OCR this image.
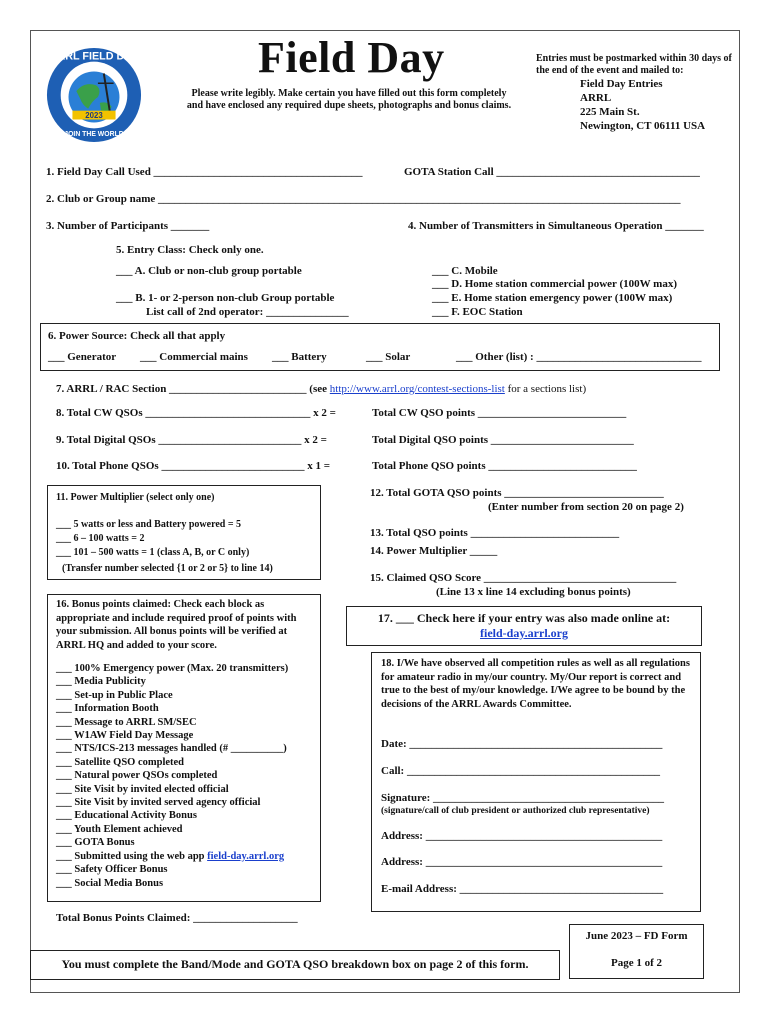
2023
ARRL FIELD DAY
JOIN THE WORLD
Field Day
Please write legibly. Make certain you have filled out this form completely and have enclosed any required dupe sheets, photographs and bonus claims.
Entries must be postmarked within 30 days of
the end of the event and mailed to:
Field Day Entries
ARRL
225 Main St.
Newington, CT 06111 USA
1. Field Day Call Used ______________________________________	GOTA Station Call _____________________________________
2. Club or Group name _______________________________________________________________________________________________
3. Number of Participants _______	4. Number of Transmitters in Simultaneous Operation _______
5. Entry Class: Check only one.
___ A. Club or non-club group portable
___ B. 1- or 2-person non-club Group portable
List call of 2nd operator: _______________
___ C. Mobile
___ D. Home station commercial power (100W max)
___ E. Home station emergency power (100W max)
___ F. EOC Station
6. Power Source: Check all that apply
___ Generator ___ Commercial mains ___ Battery	___ Solar	___ Other (list) : ______________________________
7. ARRL / RAC Section _________________________ (see http://www.arrl.org/contest-sections-list for a sections list)
8. Total CW QSOs ______________________________ x 2 =	Total CW QSO points ___________________________
9. Total Digital QSOs __________________________ x 2 =	Total Digital QSO points __________________________
10. Total Phone QSOs __________________________ x 1 =	Total Phone QSO points ___________________________
11. Power Multiplier (select only one)
___ 5 watts or less and Battery powered = 5
___ 6 – 100 watts = 2
___ 101 – 500 watts = 1 (class A, B, or C only)
(Transfer number selected {1 or 2 or 5} to line 14)
12. Total GOTA QSO points _____________________________
(Enter number from section 20 on page 2)
13. Total QSO points ___________________________
14. Power Multiplier _____
15. Claimed QSO Score ___________________________________
(Line 13 x line 14 excluding bonus points)
16. Bonus points claimed: Check each block as appropriate and include required proof of points with your submission. All bonus points will be verified at ARRL HQ and added to your score.
___ 100% Emergency power (Max. 20 transmitters)
___ Media Publicity
___ Set-up in Public Place
___ Information Booth
___ Message to ARRL SM/SEC
___ W1AW Field Day Message
___ NTS/ICS-213 messages handled (# __________)
___ Satellite QSO completed
___ Natural power QSOs completed
___ Site Visit by invited elected official
___ Site Visit by invited served agency official
___ Educational Activity Bonus
___ Youth Element achieved
___ GOTA Bonus
___ Submitted using the web app field-day.arrl.org
___ Safety Officer Bonus
___ Social Media Bonus
Total Bonus Points Claimed: ___________________
17. ___ Check here if your entry was also made online at:
field-day.arrl.org
18. I/We have observed all competition rules as well as all regulations for amateur radio in my/our country. My/Our report is correct and true to the best of my/our knowledge. I/We agree to be bound by the decisions of the ARRL Awards Committee.
Date: ______________________________________________
Call: ______________________________________________
Signature: __________________________________________
(signature/call of club president or authorized club representative)
Address: ___________________________________________
Address: ___________________________________________
E-mail Address: _____________________________________
June 2023 – FD Form
Page 1 of 2
You must complete the Band/Mode and GOTA QSO breakdown box on page 2 of this form.
